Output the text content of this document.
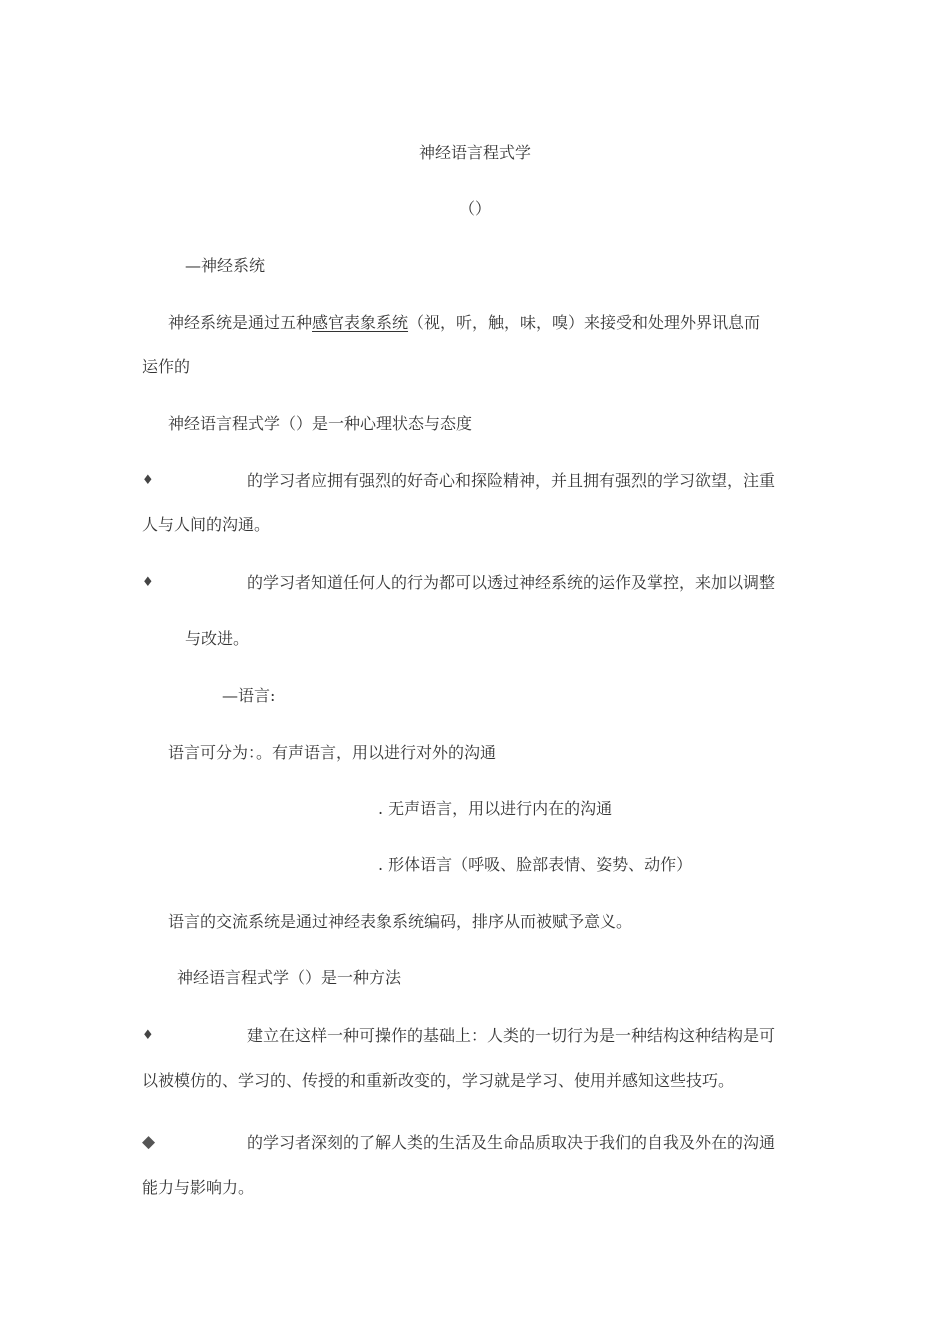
神经语言程式学
（）
—神经系统
神经系统是通过五种感官表象系统（视，听，触，味，嗅）来接受和处理外界讯息而
运作的
神经语言程式学（）是一种心理状态与态度
♦	的学习者应拥有强烈的好奇心和探险精神，并且拥有强烈的学习欲望，注重
人与人间的沟通。
♦	的学习者知道任何人的行为都可以透过神经系统的运作及掌控，来加以调整
与改进。
—语言:
语言可分为：。有声语言，用以进行对外的沟通
. 无声语言，用以进行内在的沟通
. 形体语言（呼吸、脸部表情、姿势、动作）
语言的交流系统是通过神经表象系统编码，排序从而被赋予意义。
神经语言程式学（）是一种方法
♦	建立在这样一种可操作的基础上：人类的一切行为是一种结构这种结构是可
以被模仿的、学习的、传授的和重新改变的，学习就是学习、使用并感知这些技巧。
◆	的学习者深刻的了解人类的生活及生命品质取决于我们的自我及外在的沟通
能力与影响力。
